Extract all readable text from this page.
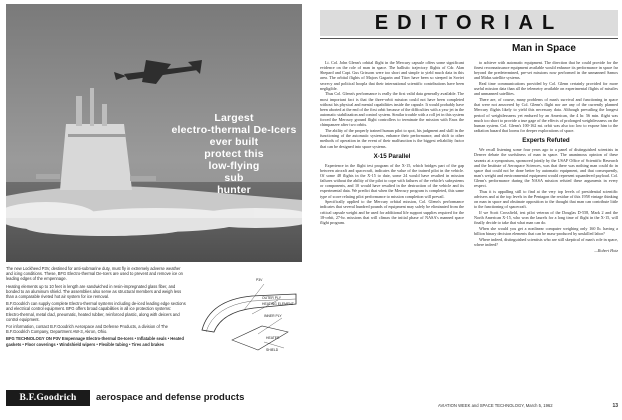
Largest
electro-thermal De-Icers
ever built
protect this
low-flying
sub
hunter

The new Lockheed P3V, destined for anti-submarine duty, must fly in extremely adverse weather and icing conditions. These, BFG Electro-thermal De-Icers are used to prevent and remove ice on leading edges of the empennage.

Heating elements up to 10 feet in length are sandwiched in resin-impregnated glass fiber, and bonded to an aluminum shield. The assemblies also serve as structural members and weigh less than a comparable riveted hot air system for ice removal.

B.F.Goodrich can supply complete Electro-thermal systems including de-iced leading edge sections and electrical control equipment. BFG offers broad capabilities in all ice protection systems: Electro-thermal, metal clad, pneumatic, heated rubber, reinforced plastic, along with deicers and control equipment.

For information, contact B.F.Goodrich Aerospace and Defense Products, a division of The B.F.Goodrich Company, Department AW-3, Akron, Ohio.

BFG TECHNOLOGY ON P3V Empennage Electro-thermal De-Icers • Inflatable seals • Heated gaskets • Floor coverings • Windshield wipers • Flexible tubing • Tires and brakes

P3V
OUTER PLY
HEATING ELEMENT
INNER PLY
HEATER
SHIELD
B.F.Goodrich	aerospace and defense products
EDITORIAL
Man in Space

Lt. Col. John Glenn's orbital flight in the Mercury capsule offers some significant evidence on the role of man in space. The ballistic trajectory flights of Cdr. Alan Shepard and Capt. Gus Grissom were too short and simple to yield much data in this area. The orbital flights of Majors Gagarin and Titov have been so steeped in Soviet secrecy and political hoopla that their international scientific contributions have been negligible.

Thus Col. Glenn's performance is really the first valid data generally available. The most important fact is that the three-orbit mission could not have been completed without his physical and mental capabilities inside the capsule. It would probably have been aborted at the end of the first orbit because of the difficulties with a yaw jet in the automatic stabilization and control system. Similar trouble with a roll jet in this system forced the Mercury ground flight controllers to terminate the mission with Enos the chimpanzee after two orbits.

The ability of the properly trained human pilot to spot, his judgment and skill in the functioning of the automatic systems, enhance their performance, and shift to other methods of operation in the event of their malfunction is the biggest reliability factor that can be designed into space systems.

X-15 Parallel

Experience in the flight test program of the X-15, which bridges part of the gap between aircraft and spacecraft, indicates the value of the trained pilot in the vehicle. Of some 48 flights in the X-15 to date, some 24 would have resulted in mission failures without the ability of the pilot to cope with failures of the vehicle's subsystems or components, and 10 would have resulted in the destruction of the vehicle and its experimental data. We predict that when the Mercury program is completed, this same type of score relating pilot performance to mission completion will prevail.

Specifically applied to the Mercury orbital mission, Col. Glenn's performance indicates that several hundred pounds of equipment may safely be eliminated from the critical capsule weight and be used for additional life support supplies required for the 18-orbit, 27-hr. missions that will climax the initial phase of NASA's manned space flight program.

to achieve with automatic equipment. The direction that he could provide for the finest reconnaissance equipment available would enhance its performance in space far beyond the predetermined, pre-set missions now performed in the unmanned Samos and Midas satellite systems.

Real time communications provided by Col. Glenn certainly provided for more useful mission data than all the telemetry available on experimental flights of missiles and unmanned satellites.

There are, of course, many problems of man's survival and functioning in space that were not answered by Col. Glenn's flight nor are any of the currently planned Mercury flights likely to yield this necessary data. Although prevailing the longest period of weightlessness yet endured by an American, the 4 hr. 56 min. flight was much too short to provide a true gage of the effects of prolonged weightlessness on the human system. Col. Glenn's 100-162 mi. orbit was also too low to expose him to the radiation hazard that looms for deeper explorations of space.

Experts Refuted

We recall listening some four years ago to a panel of distinguished scientists in Denver debate the usefulness of man in space. The unanimous opinion of these savants at a symposium, sponsored jointly by the USAF Office of Scientific Research and the Institute of Aerospace Sciences, was that there was nothing man could do in space that could not be done better by automatic equipment, and that consequently, man's weight and environmental equipment would represent squandered payload. Col. Glenn's performance during the NASA mission refuted these arguments in every respect.

Thus it is appalling still to find at the very top levels of presidential scientific advisers and at the top levels in the Pentagon the residue of this 1958 vintage thinking on man in space and obstinate opposition to the thought that man can contribute little to the functioning of spacecraft.

If we Scott Crossfield, test pilot veteran of the Douglas D-558, Mark 2 and the North American X-15, who won the laurels for a long time of flight in the X-15, will finally decide to take that what man can do.

When she would you get a nonlinear computer weighing only 160 lb. having a billion binary decision elements that can be mass-produced by unskilled labor?

Where indeed, distinguished scientists who are still skeptical of man's role in space, where indeed?

—Robert Hotz

AVIATION WEEK and SPACE TECHNOLOGY, March 5, 1962	13
